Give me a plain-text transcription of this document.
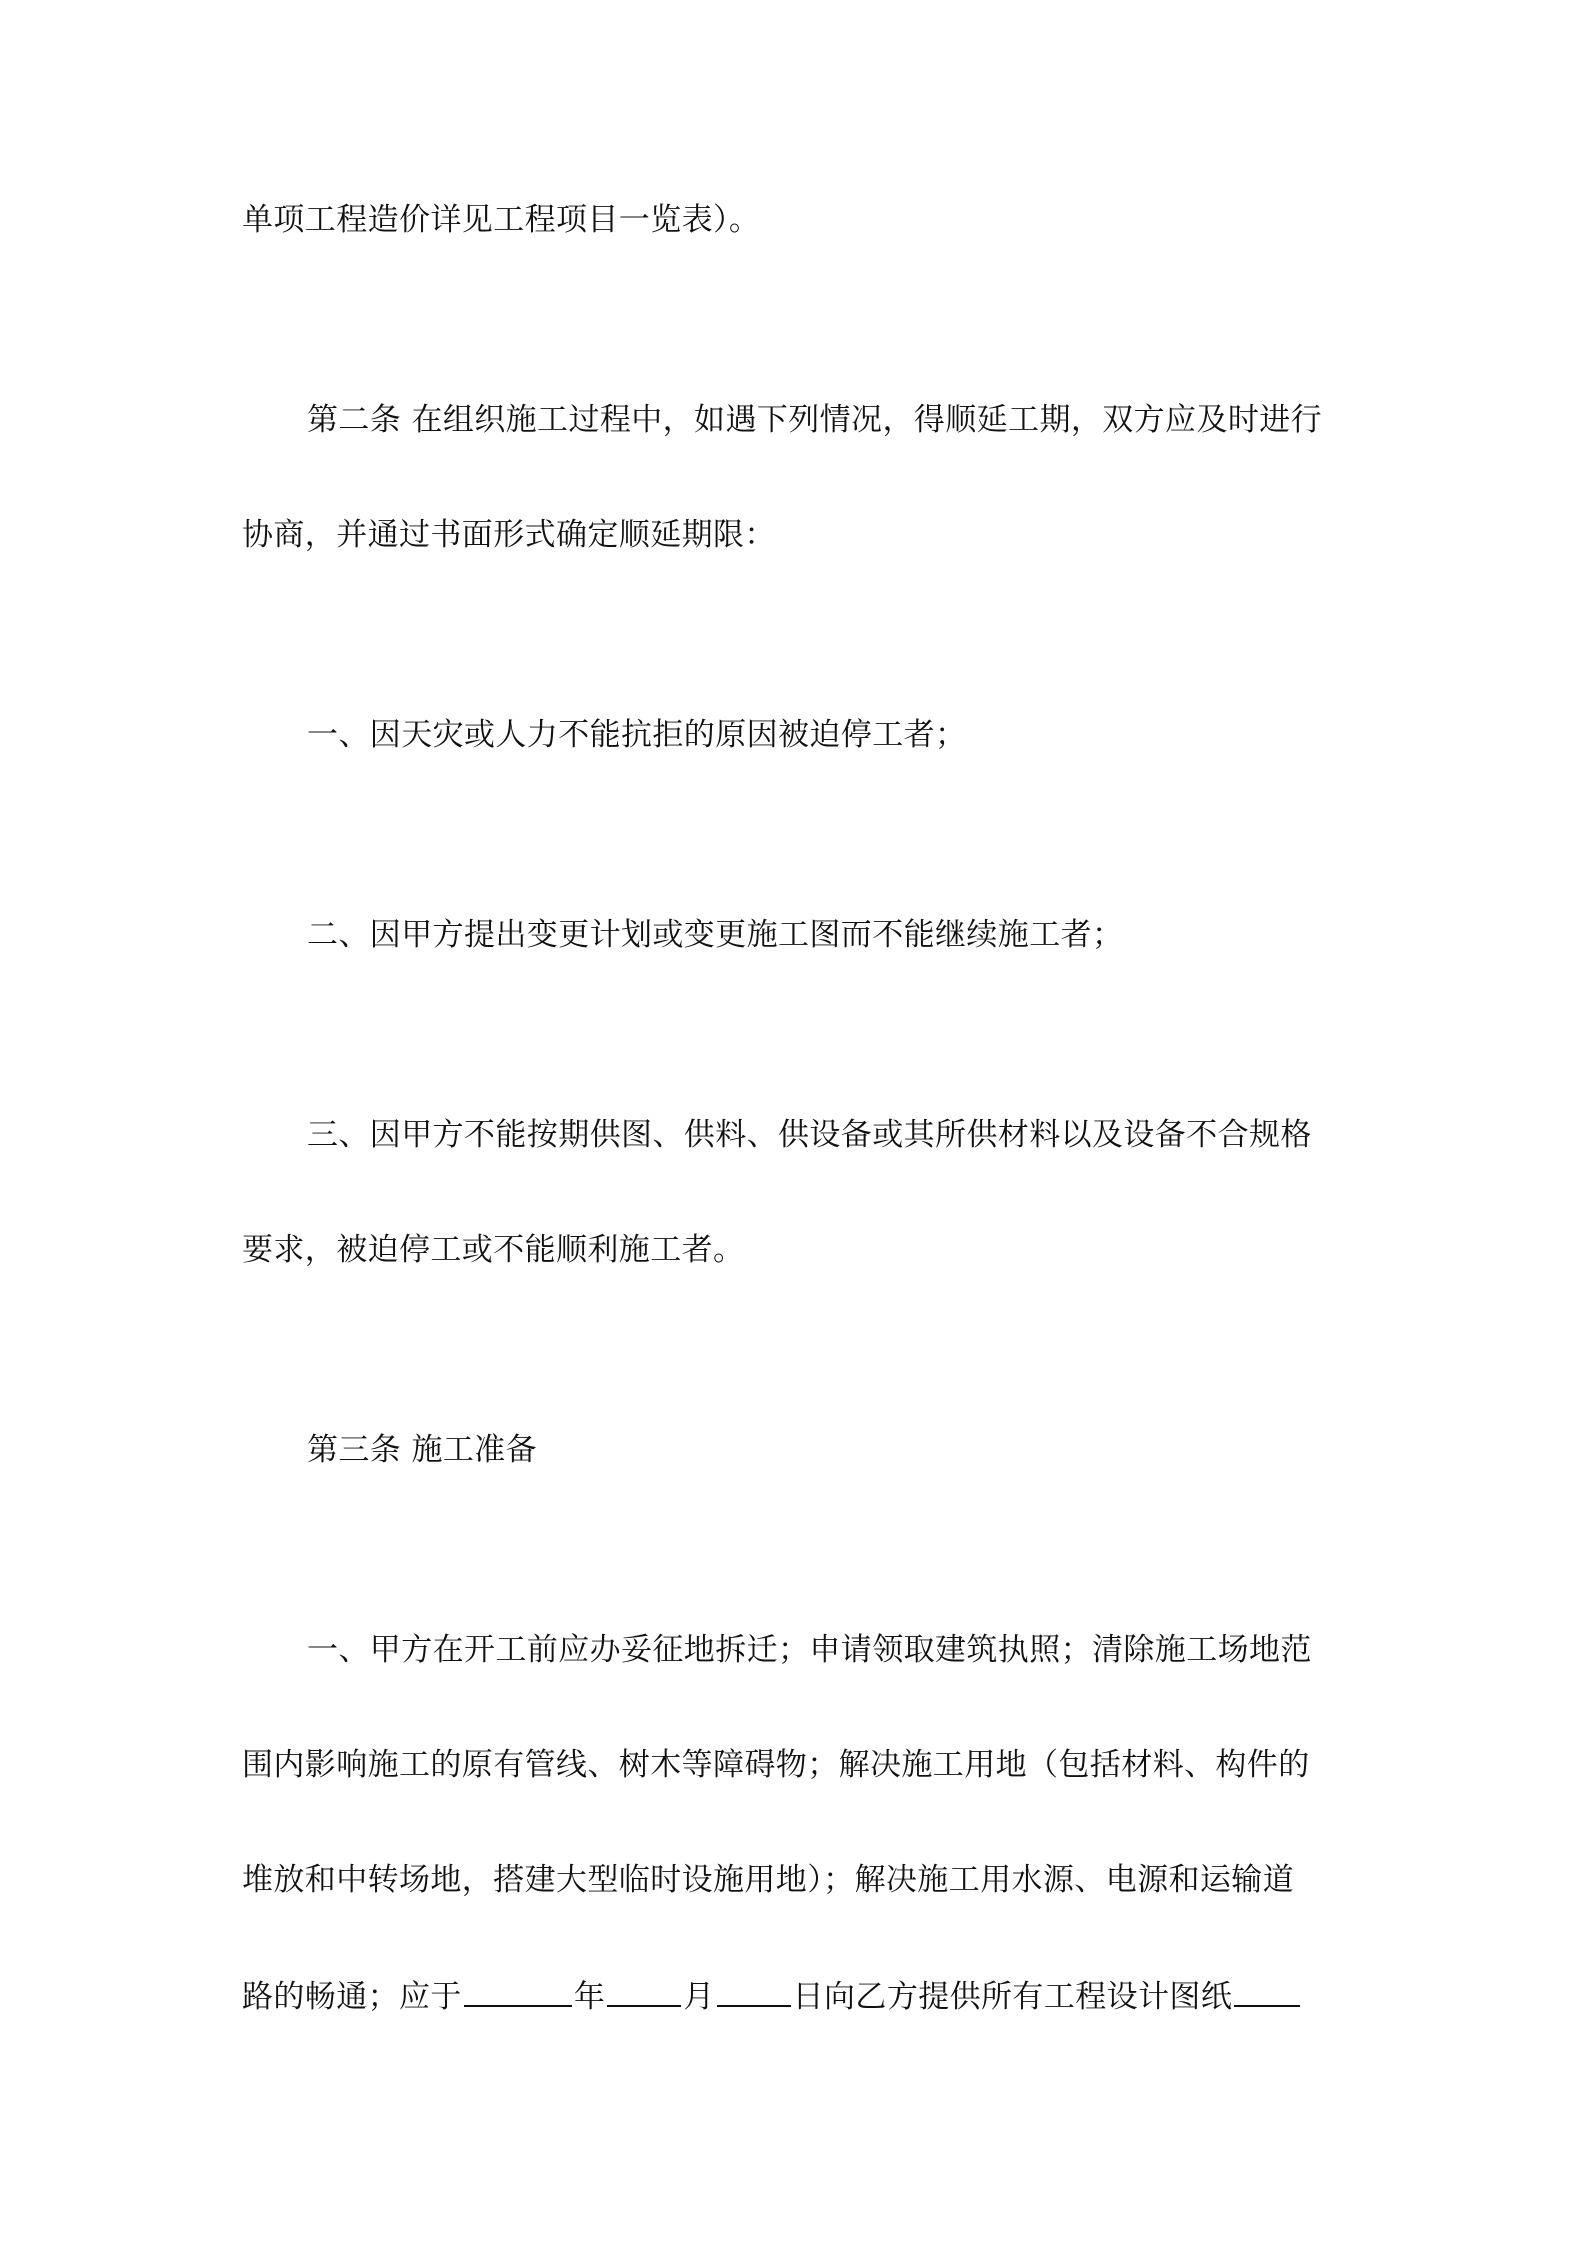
单项工程造价详见工程项目一览表）。
第二条 在组织施工过程中，如遇下列情况，得顺延工期，双方应及时进行
协商，并通过书面形式确定顺延期限：
一、因天灾或人力不能抗拒的原因被迫停工者；
二、因甲方提出变更计划或变更施工图而不能继续施工者；
三、因甲方不能按期供图、供料、供设备或其所供材料以及设备不合规格
要求，被迫停工或不能顺利施工者。
第三条 施工准备
一、甲方在开工前应办妥征地拆迁；申请领取建筑执照；清除施工场地范
围内影响施工的原有管线、树木等障碍物；解决施工用地（包括材料、构件的
堆放和中转场地，搭建大型临时设施用地）；解决施工用水源、电源和运输道
路的畅通；应于	年	月	日向乙方提供所有工程设计图纸
